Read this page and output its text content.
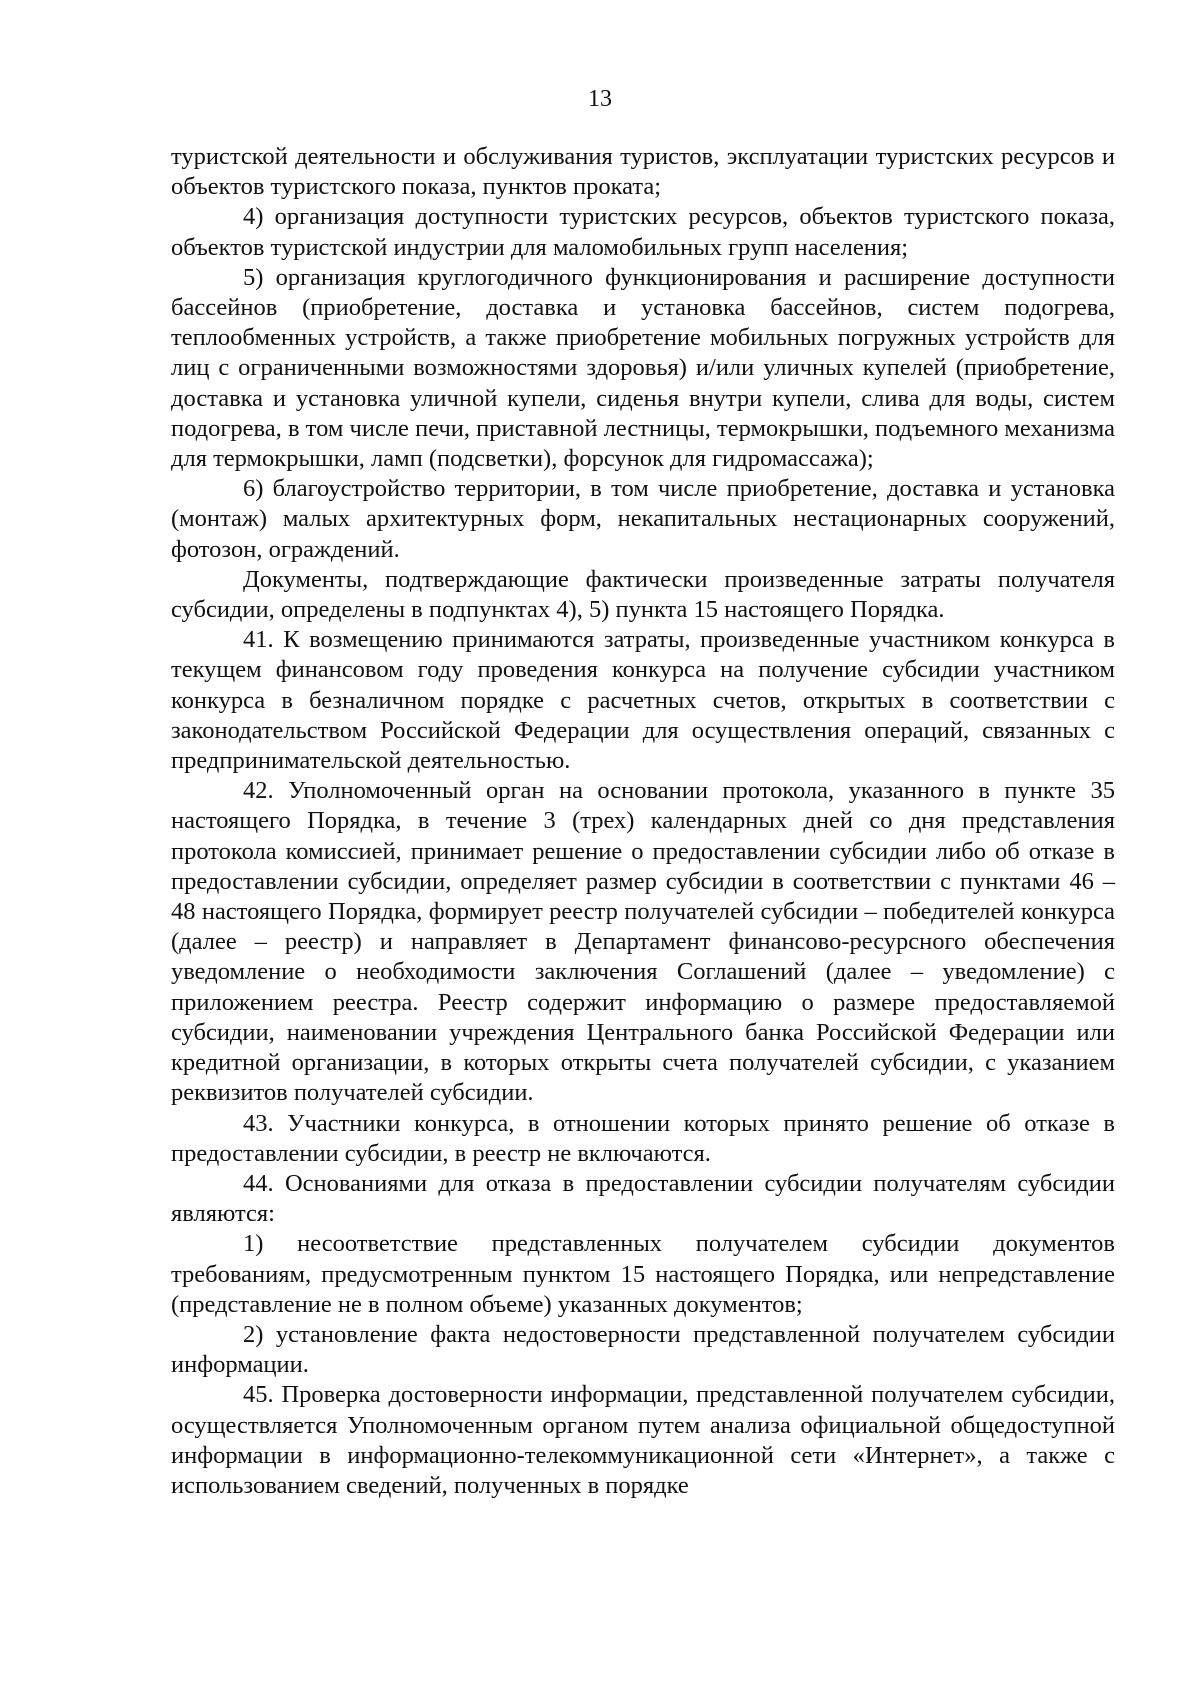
13

туристской деятельности и обслуживания туристов, эксплуатации туристских ресурсов и объектов туристского показа, пунктов проката;

4) организация доступности туристских ресурсов, объектов туристского показа, объектов туристской индустрии для маломобильных групп населения;

5) организация круглогодичного функционирования и расширение доступности бассейнов (приобретение, доставка и установка бассейнов, систем подогрева, теплообменных устройств, а также приобретение мобильных погружных устройств для лиц с ограниченными возможностями здоровья) и/или уличных купелей (приобретение, доставка и установка уличной купели, сиденья внутри купели, слива для воды, систем подогрева, в том числе печи, приставной лестницы, термокрышки, подъемного механизма для термокрышки, ламп (подсветки), форсунок для гидромассажа);

6) благоустройство территории, в том числе приобретение, доставка и установка (монтаж) малых архитектурных форм, некапитальных нестационарных сооружений, фотозон, ограждений.

Документы, подтверждающие фактически произведенные затраты получателя субсидии, определены в подпунктах 4), 5) пункта 15 настоящего Порядка.

41. К возмещению принимаются затраты, произведенные участником конкурса в текущем финансовом году проведения конкурса на получение субсидии участником конкурса в безналичном порядке с расчетных счетов, открытых в соответствии с законодательством Российской Федерации для осуществления операций, связанных с предпринимательской деятельностью.

42. Уполномоченный орган на основании протокола, указанного в пункте 35 настоящего Порядка, в течение 3 (трех) календарных дней со дня представления протокола комиссией, принимает решение о предоставлении субсидии либо об отказе в предоставлении субсидии, определяет размер субсидии в соответствии с пунктами 46 – 48 настоящего Порядка, формирует реестр получателей субсидии – победителей конкурса (далее – реестр) и направляет в Департамент финансово-ресурсного обеспечения уведомление о необходимости заключения Соглашений (далее – уведомление) с приложением реестра. Реестр содержит информацию о размере предоставляемой субсидии, наименовании учреждения Центрального банка Российской Федерации или кредитной организации, в которых открыты счета получателей субсидии, с указанием реквизитов получателей субсидии.

43. Участники конкурса, в отношении которых принято решение об отказе в предоставлении субсидии, в реестр не включаются.

44. Основаниями для отказа в предоставлении субсидии получателям субсидии являются:

1) несоответствие представленных получателем субсидии документов требованиям, предусмотренным пунктом 15 настоящего Порядка, или непредставление (представление не в полном объеме) указанных документов;

2) установление факта недостоверности представленной получателем субсидии информации.

45. Проверка достоверности информации, представленной получателем субсидии, осуществляется Уполномоченным органом путем анализа официальной общедоступной информации в информационно-телекоммуникационной сети «Интернет», а также с использованием сведений, полученных в порядке
